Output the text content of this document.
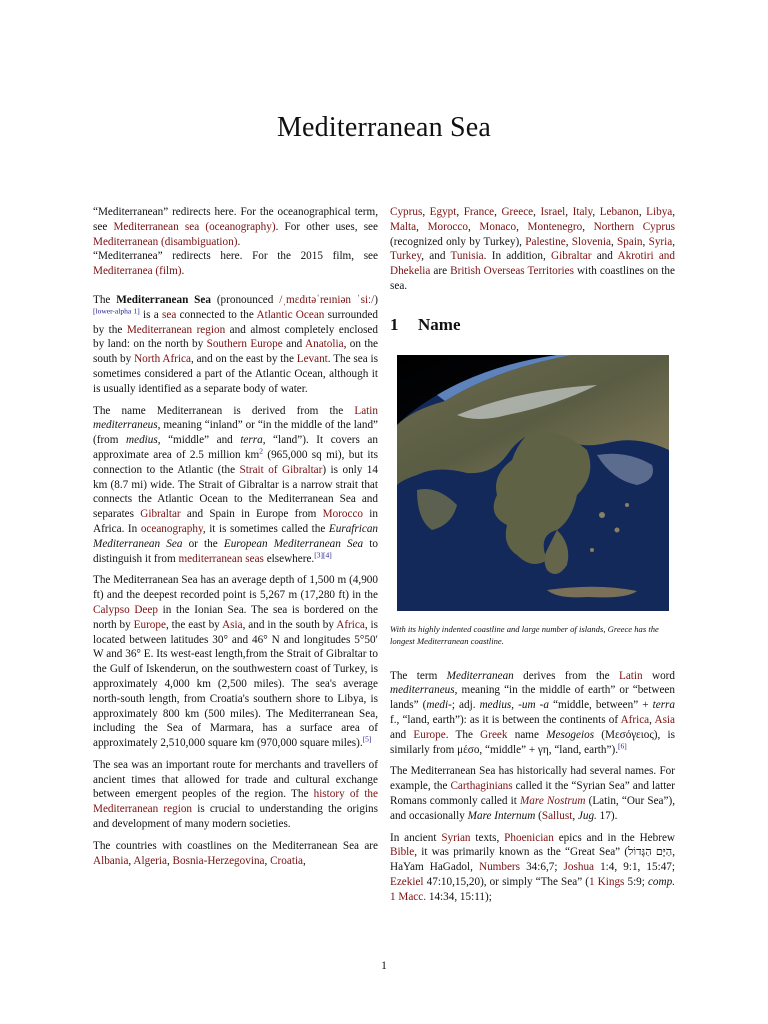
Mediterranean Sea

“Mediterranean” redirects here. For the oceanographical term, see Mediterranean sea (oceanography). For other uses, see Mediterranean (disambiguation).

“Mediterranea” redirects here. For the 2015 film, see Mediterranea (film).

The Mediterranean Sea (pronounced /ˌmɛdɪtəˈreɪniən ˈsiː/)[lower-alpha 1] is a sea connected to the Atlantic Ocean surrounded by the Mediterranean region and almost completely enclosed by land: on the north by Southern Europe and Anatolia, on the south by North Africa, and on the east by the Levant. The sea is sometimes considered a part of the Atlantic Ocean, although it is usually identified as a separate body of water.

The name Mediterranean is derived from the Latin mediterraneus, meaning “inland” or “in the middle of the land” (from medius, “middle” and terra, “land”). It covers an approximate area of 2.5 million $km^2$ (965,000 sq mi), but its connection to the Atlantic (the Strait of Gibraltar) is only 14 km (8.7 mi) wide. The Strait of Gibraltar is a narrow strait that connects the Atlantic Ocean to the Mediterranean Sea and separates Gibraltar and Spain in Europe from Morocco in Africa. In oceanography, it is sometimes called the Eurafrican Mediterranean Sea or the European Mediterranean Sea to distinguish it from mediterranean seas elsewhere.[3][4]

The Mediterranean Sea has an average depth of 1,500 m (4,900 ft) and the deepest recorded point is 5,267 m (17,280 ft) in the Calypso Deep in the Ionian Sea. The sea is bordered on the north by Europe, the east by Asia, and in the south by Africa, is located between latitudes 30° and 46° N and longitudes 5°50′ W and 36° E. Its west-east length,from the Strait of Gibraltar to the Gulf of Iskenderun, on the southwestern coast of Turkey, is approximately 4,000 km (2,500 miles). The sea's average north-south length, from Croatia's southern shore to Libya, is approximately 800 km (500 miles). The Mediterranean Sea, including the Sea of Marmara, has a surface area of approximately 2,510,000 square km (970,000 square miles).[5]

The sea was an important route for merchants and travellers of ancient times that allowed for trade and cultural exchange between emergent peoples of the region. The history of the Mediterranean region is crucial to understanding the origins and development of many modern societies.

The countries with coastlines on the Mediterranean Sea are Albania, Algeria, Bosnia-Herzegovina, Croatia,

Cyprus, Egypt, France, Greece, Israel, Italy, Lebanon, Libya, Malta, Morocco, Monaco, Montenegro, Northern Cyprus (recognized only by Turkey), Palestine, Slovenia, Spain, Syria, Turkey, and Tunisia. In addition, Gibraltar and Akrotiri and Dhekelia are British Overseas Territories with coastlines on the sea.

1 Name
With its highly indented coastline and large number of islands, Greece has the longest Mediterranean coastline.

The term Mediterranean derives from the Latin word mediterraneus, meaning “in the middle of earth” or “between lands” (medi-; adj. medius, -um -a “middle, between” + terra f., “land, earth”): as it is between the continents of Africa, Asia and Europe. The Greek name Mesogeios (Μεσόγειος), is similarly from μέσο, “middle” + γη, “land, earth”).[6]

The Mediterranean Sea has historically had several names. For example, the Carthaginians called it the “Syrian Sea” and latter Romans commonly called it Mare Nostrum (Latin, “Our Sea”), and occasionally Mare Internum (Sallust, Jug. 17).

In ancient Syrian texts, Phoenician epics and in the Hebrew Bible, it was primarily known as the “Great Sea” (הַיָּם הַגָּדוֹל‎, HaYam HaGadol, Numbers 34:6,7; Joshua 1:4, 9:1, 15:47; Ezekiel 47:10,15,20), or simply “The Sea” (1 Kings 5:9; comp. 1 Macc. 14:34, 15:11);

1
